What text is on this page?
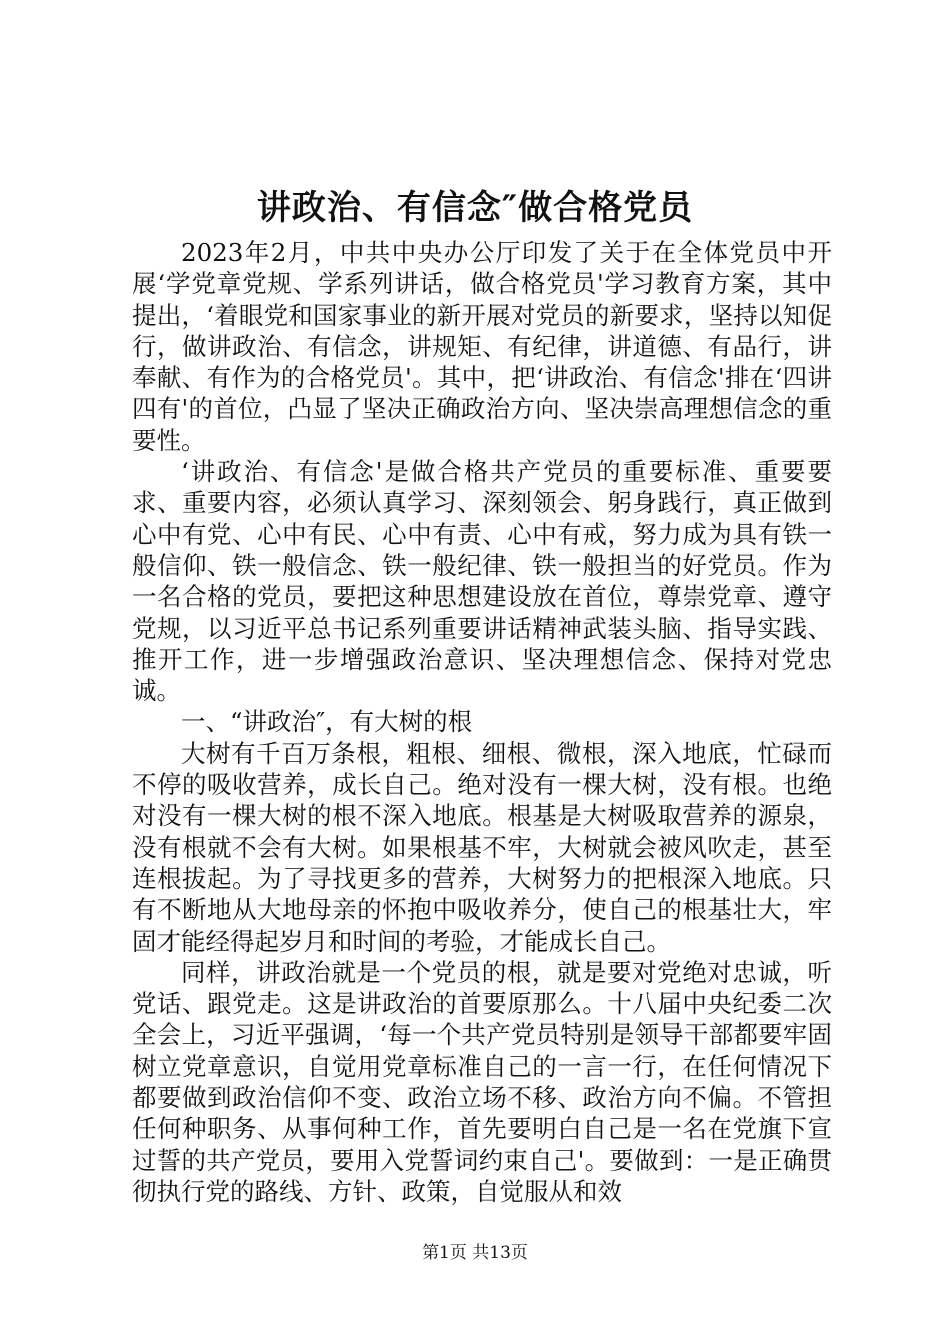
讲政治、有信念″做合格党员

2023年2月，中共中央办公厅印发了关于在全体党员中开展‘学党章党规、学系列讲话，做合格党员'学习教育方案，其中提出，‘着眼党和国家事业的新开展对党员的新要求，坚持以知促行，做讲政治、有信念，讲规矩、有纪律，讲道德、有品行，讲奉献、有作为的合格党员'。其中，把‘讲政治、有信念'排在‘四讲四有'的首位，凸显了坚决正确政治方向、坚决崇高理想信念的重要性。

‘讲政治、有信念'是做合格共产党员的重要标准、重要要求、重要内容，必须认真学习、深刻领会、躬身践行，真正做到心中有党、心中有民、心中有责、心中有戒，努力成为具有铁一般信仰、铁一般信念、铁一般纪律、铁一般担当的好党员。作为一名合格的党员，要把这种思想建设放在首位，尊崇党章、遵守党规，以习近平总书记系列重要讲话精神武装头脑、指导实践、推开工作，进一步增强政治意识、坚决理想信念、保持对党忠诚。

一、“讲政治″，有大树的根

大树有千百万条根，粗根、细根、微根，深入地底，忙碌而不停的吸收营养，成长自己。绝对没有一棵大树，没有根。也绝对没有一棵大树的根不深入地底。根基是大树吸取营养的源泉，没有根就不会有大树。如果根基不牢，大树就会被风吹走，甚至连根拔起。为了寻找更多的营养，大树努力的把根深入地底。只有不断地从大地母亲的怀抱中吸收养分，使自己的根基壮大，牢固才能经得起岁月和时间的考验，才能成长自己。

同样，讲政治就是一个党员的根，就是要对党绝对忠诚，听党话、跟党走。这是讲政治的首要原那么。十八届中央纪委二次全会上，习近平强调，‘每一个共产党员特别是领导干部都要牢固树立党章意识，自觉用党章标准自己的一言一行，在任何情况下都要做到政治信仰不变、政治立场不移、政治方向不偏。不管担任何种职务、从事何种工作，首先要明白自己是一名在党旗下宣过誓的共产党员，要用入党誓词约束自己'。要做到：一是正确贯彻执行党的路线、方针、政策，自觉服从和效

第1页 共13页
